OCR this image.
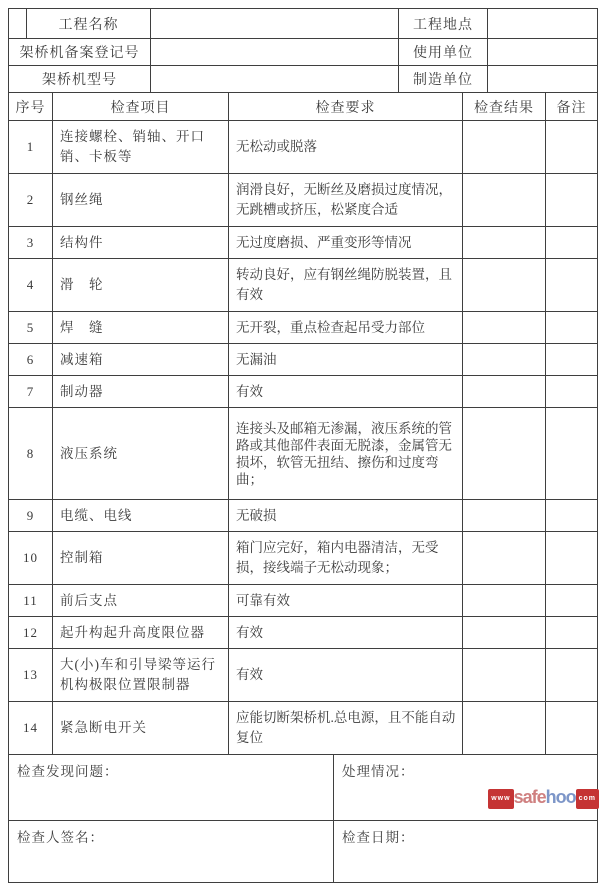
	工程名称		工程地点	
架桥机备案登记号			使用单位	
架桥机型号			制造单位	
序号	检查项目	检查要求	检查结果	备注
1	连接螺栓、销轴、开口销、卡板等	无松动或脱落		
2	钢丝绳	润滑良好，无断丝及磨损过度情况，无跳槽或挤压，松紧度合适		
3	结构件	无过度磨损、严重变形等情况		
4	滑　轮	转动良好，应有钢丝绳防脱装置，且有效		
5	焊　缝	无开裂，重点检查起吊受力部位		
6	减速箱	无漏油		
7	制动器	有效		
8	液压系统	连接头及邮箱无渗漏，液压系统的管路或其他部件表面无脱漆，金属管无损坏，软管无扭结、擦伤和过度弯曲；		
9	电缆、电线	无破损		
10	控制箱	箱门应完好，箱内电器清洁，无受损，接线端子无松动现象；		
11	前后支点	可靠有效		
12	起升构起升高度限位器	有效		
13	大(小)车和引导梁等运行机构极限位置限制器	有效		
14	紧急断电开关	应能切断架桥机.总电源，且不能自动复位		
检查发现问题：	处理情况：
检查人签名：	检查日期：
www safehoo com
